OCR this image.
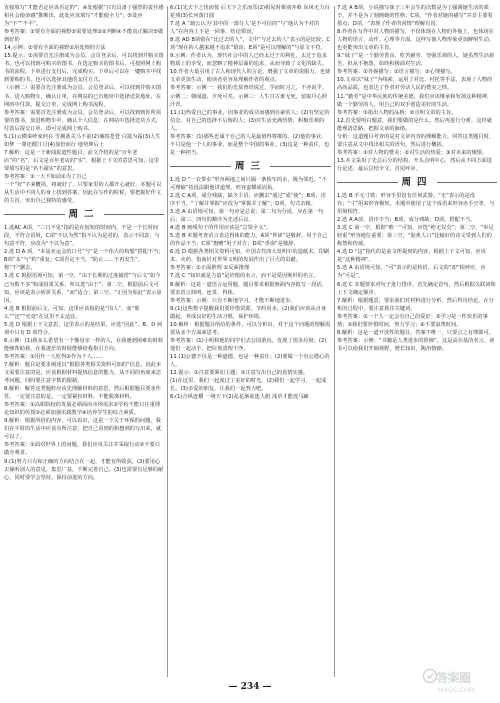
直接填写“才能否定应该否定的”；④处根据“只有具备了强烈的责任感和社会使命感”推断出，此处应该填写“才能使全力”；⑤处应为“不”“不平”。

参考答案：①要有全面的视野②需要处理③②判断④不能真正解决⑤做到好的

14.示例：①要有全面的视野②用处理的方法

15.提示：①需要首先注册成为会员。会员登录后，可以找到并购买图书，也可以找到可购买的图书，在选定购买的图书后，可按照网上购书的流程，下单进行支付后，完成购买。下单后可以在一键购买中找到要购的书，也可以选择其他的支付方式。

（示例二）需要首先注册成为会员。会员登录后，可以找到并购买图书，进入购物车，确认订单，在网站的已有地址中选择送货地址，在网络中付款，提交订单，完成网上购书流程。

参考答案：需要首先注册成为会员，会员登录后，可以找到到你所需要的图书，放进购物车中，确认个人信息，在网站中选择送货方式，付款后提交订单，即可完成网上购书。

5.(1)云横秦岭家何在 雪拥蓝关马不前(2)蒹葭苍苍 白露为霜(3)人生如梦 一尊还酹江月(4)加倍而行 地势坤后土

7.解析：这是一个新闻报道性题目，前文介绍的是“百年老店”的“名”，后文是百年老店的“实”，根据上下文的意思可知，这里要填写的是“名不副实”的意思。

参考答案：①一大不如前②为了自己

一个“好”字来概括，将就好了，只要家里的人都开心就好。本题可以从生活中不同人的身上找到答案，因此在写作的时候，要把握好作文的主旨，突出自己独特的感受。

周二

1.选AC A项，“三日不见”指的是在较短的时间内，不是一个长时间段，不符合语境。C项“不以为然”指不认为是对的，表示不同意，与句意不符，应改为“不以为意”。

2.选 D A 项，“本届亚运会的口号”与“是一个伟大的构想”搭配不当；B项“多”与“约”重复；C项否定不当，“防止……不再发生”，将“不”删去。

3.选 C 根据语境可知，第一空，“由于长期的过度捕捞”与后文“如今已为数不多”构成因果关系，所以选“由于”；第二空，根据前后文可知，应该是表示转折关系，“而”适合；第三空，“正因为如此”表示原因。

4.选 B 根据前后文，可知，这里应该指的是“国人”，而“那么”“还”“究竟”在这里不太适宜。

5.选 D 根据上下文意思，这里表示的是结果，应选“因此”，B、D 两项中只有 D 项符合。

6.示例：(1)我多么希望有一个像母亲一样的人，在我遇到困难的时候能够帮助我，在我迷茫的时候能够给我指引方向。

参考答案：①用作一人吃得②作为个人……

7.解析：题目是要求阐述以“根据各类相关资料可知的”信息。因此本文需要注意的是，应该根据材料提炼信息的能力，从不同的角度来思考问题，同时要注意字数的限制。

8.解析：解答这类题时应该先理解材料的意思，然后根据题目要求作答。一定要注意的是，一定要紧扣材料，不能脱离材料。

参考答案：①高职院校的发展必须面向市场需求②学校不能只注重理论知识的传授③必须加强实践教学④培养学生的综合素质。

9.解析：根据所给的内容，可以看出，这是一个关于环保的问题，我们在平时的生活中应该有所注意，把自己看到的和想到的写出来，就可以了。

参考答案：①面对世界上的问题，我们应该关注并采取行动②不要只做旁观者。

9.(1)努力只有和正确的方向结合在一起，才能有所收获。(2)要用心去倾听别人的意见，集思广益，不断完善自己。(3)也需要有足够的耐心，同时要学会坚持，保持前进的方向。

6.(1)先天下之忧而忧 后天下之乐而乐(2)相见时难别亦难 东风无力百花残(3)长河落日圆

7.选 A “疏公认为‘其中的一部分人’是不可信的”与“他认为不对的人”在内容上不是一回事，结论错误。

8.选 AD B项错在“比过去的人”，文中“与过去的人”表示的是比较；C项“现在的人越来越不追求”错误；E项“是可以理解的”与原文不符。

9.示例：作者认为，现代社会中的人已经太过于功利化，太过于追求物质上的享受，而忽略了精神层面的追求，从而导致了文化的缺失。

10.作者大量引用了古人和现代人的言论，增强了文章的说服力，也使文章更加生动，使读者更容易理解作者的观点。

参考答案：示例一：我们的先贤曾经说过，学而时习之，不亦说乎。示例二：朝闻道，夕死可矣。示例三：人生自古谁无死，留取丹心照汗青。

11.(1)热爱自己的事业，因事业的成功而感到自豪的人；(2)有坚定的信念，对自己的选择不后悔的人；(3)对生活充满热情，积极乐观的人。

参考答案：(1)那些忠诚于自己的人是最值得尊敬的。(2)他的事业，不只是他一个人的事业，而是整个中国的事业。(3)这是一种责任，也是一种担当。

周三

1.选 D “一衣带水”形容两地之间只隔一条狭窄的水，极为邻近。“不可理喻”指没法跟他讲道理，形容蛮横或固执。

2.选 C A项，成分残缺，缺少主语，应删去“通过”或“使”；B项，语序不当，“了解并掌握”应改为“掌握并了解”；D项，句式杂糅。

3.选 A 由语境可知，第一句应是总说；第二句为分说，应在第一句后；第三、四句的顺序为先述后议。

4.选 B 画线句子的作用应该是“总领全文”。

5.选 B 本题考查语言表达得体的能力。A项“拜读”是敬辞，用于自己的作品不当；C项“惠赠”用于对方；D项“垂询”是敬辞。

6.选 D 根据各类相关资料可知，中国古代四大发明中的造纸术、印刷术、火药、指南针对世界文明的发展作出了巨大的贡献。

参考答案：①正面推理 ②反面推理

7.选 C “知识就是力量”是培根的名言，而不是爱因斯坦的名言。

8.解析：这是一道语言运用题，题目要求根据画面内容拟写一段话，要求语言简明、连贯、得体。

参考答案：示例：只有不断地学习，才能不断地进步。

9.(1)这些数字提醒我们要珍惜资源，节约用水。(2)我们应该从自身做起，养成良好的生活习惯，保护环境。

10.解析：根据题目所给的条件，可以分析出，对于这个问题的理解需要从多个方面来思考。

参考答案：(1)小明和他的同学们去公园游玩，发现了很多垃圾；(2)他们一起动手，把垃圾清理干净。

11.(1)公德不仅是一种道德，也是一种责任；(2)要做一个有公德心的人。

12.提示：①注意要紧扣主题；②注意写出自己的真情实感。

(1)在这里，我们一起度过了美好的时光。(2)我们一起学习，一起成长。(3)亲爱的朋友，让我们一起努力吧。

6.(1)合纵连横 一统天下(2)乱花渐欲迷人眼 浅草才能没马蹄

7.选 A B项，小说描写妹子三年会生的次数是为了强调她生活的艰辛，并不是为了刻画她的性格；C项，“作者对她的描写”并非主要着墨点；D项，“表现了作者的同情”理解有误。

8.作者在写作中对人物的描写，不仅体现在人物的外貌上，也体现在人物的语言、动作、心理等方面。这样写使人物形象更加鲜明生动，也更能突出文章的主旨。

9.“妹子”是一个勤劳善良、吃苦耐劳、坚强乐观的人。她虽然生活艰苦，但从不抱怨，始终积极面对生活。

参考答案：①外貌描写；②语言描写；③心理描写。

10.文章以“妹子”为线索，运用了对比、衬托等手法，表现了人物的高尚品质，也表达了作者对劳动人民的赞美之情。

11.“勤劳”是中华民族的传统美德，我们应该继承和发扬这种精神，做一个勤劳的人，用自己的双手创造美好的生活。

参考答案：①指出人物的品格；②点明文章的主旨。

12.首先要明白题意，我们要做的是什么，然后再进行分析。这样就能理清思路，把握文章的脉络。

分析：这道题目考查的是对文章内容的理解能力。回答这类题目时，要注意从文中找出相关的语句，然后进行概括。

参考答案：①对人物的赞美；②对生活的热爱；③对未来的憧憬。

13.本文采用了先总后分的结构。开头点明中心，然后从不同方面进行论述，最后总结全文，首尾呼应。

周四

1.选 B 手无寸铁：形容手里没有任何武器。“无”表示的是没有；“寸”用来形容极短。本题中使用了这个成语来形容赤手空拳，与语境相符。

2.选 A A项，语序不当；B项，成分残缺；D项，搭配不当。

3.选 C 第一空，根据“唯一”可知，应选“绝无仅有”；第二空，“举足轻重”形容地位重要；第三空，“脍炙人口”比喻好的诗文受到人们的称赞和传颂。

4.选 D “这”指代的是前文所提到的内容，根据上下文可知，应该是“这种精神”。

5.选 A 由语境可知，“可”表示的是转折，后文的“却”相呼应，应为“可是”。

6.选 C 本题要求对句子进行排序。首先确定首句，然后根据关联词和上下文确定顺序。

7.解析：根据题意，要求我们对材料进行分析，然后得出结论。在分析的过程中，要注意抓住关键词。

参考答案：①一个人一定会有自己的爱好；②学习是一件快乐的事情；③我们要珍惜时间，努力学习；④不要浪费时间。

8.解析：这是一道开放性的题目，答案不唯一，只要言之有理即可。

参考答案：示例：“书籍是人类进步的阶梯”，这是高尔基的名言。读书可以使我们开阔视野，增长知识，陶冶情操。

— 234 —
答案圈
MXQE.COM
